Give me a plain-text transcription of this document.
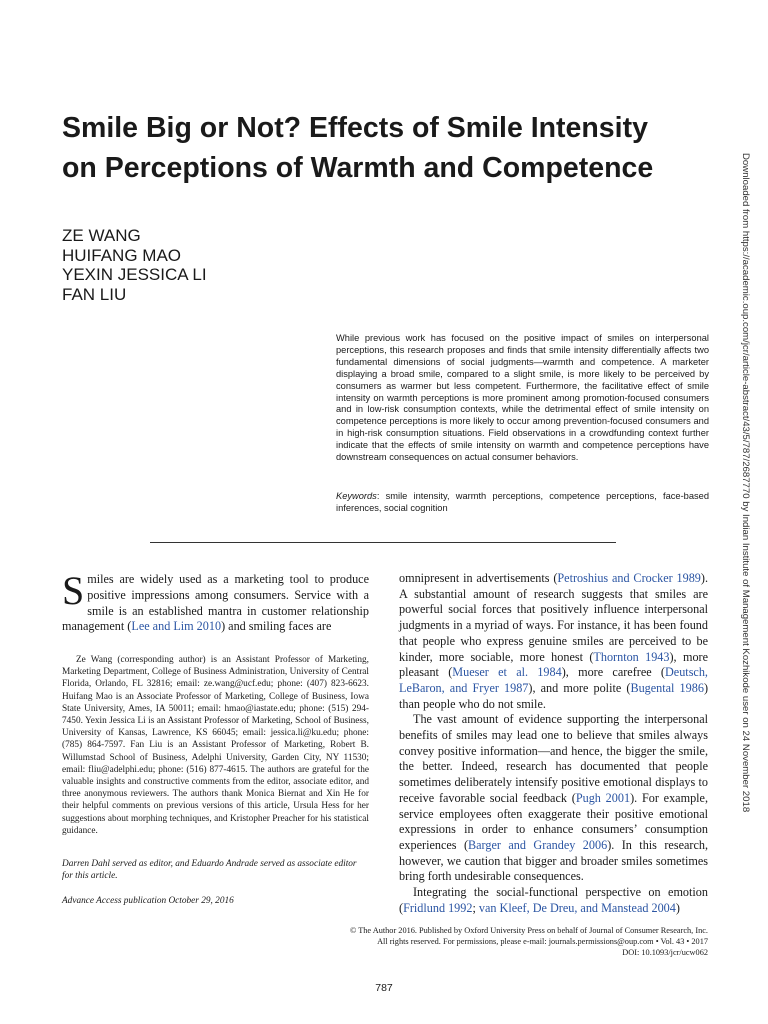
Smile Big or Not? Effects of Smile Intensity
on Perceptions of Warmth and Competence
ZE WANG
HUIFANG MAO
YEXIN JESSICA LI
FAN LIU

While previous work has focused on the positive impact of smiles on interpersonal perceptions, this research proposes and finds that smile intensity differentially affects two fundamental dimensions of social judgments—warmth and competence. A marketer displaying a broad smile, compared to a slight smile, is more likely to be perceived by consumers as warmer but less competent. Furthermore, the facilitative effect of smile intensity on warmth perceptions is more prominent among promotion-focused consumers and in low-risk consumption contexts, while the detrimental effect of smile intensity on competence perceptions is more likely to occur among prevention-focused consumers and in high-risk consumption situations. Field observations in a crowdfunding context further indicate that the effects of smile intensity on warmth and competence perceptions have downstream consequences on actual consumer behaviors.

Keywords: smile intensity, warmth perceptions, competence perceptions, face-based inferences, social cognition

Smiles are widely used as a marketing tool to produce positive impressions among consumers. Service with a smile is an established mantra in customer relationship management (Lee and Lim 2010) and smiling faces are

Ze Wang (corresponding author) is an Assistant Professor of Marketing, Marketing Department, College of Business Administration, University of Central Florida, Orlando, FL 32816; email: ze.wang@ucf.edu; phone: (407) 823-6623. Huifang Mao is an Associate Professor of Marketing, College of Business, Iowa State University, Ames, IA 50011; email: hmao@iastate.edu; phone: (515) 294-7450. Yexin Jessica Li is an Assistant Professor of Marketing, School of Business, University of Kansas, Lawrence, KS 66045; email: jessica.li@ku.edu; phone: (785) 864-7597. Fan Liu is an Assistant Professor of Marketing, Robert B. Willumstad School of Business, Adelphi University, Garden City, NY 11530; email: fliu@adelphi.edu; phone: (516) 877-4615. The authors are grateful for the valuable insights and constructive comments from the editor, associate editor, and three anonymous reviewers. The authors thank Monica Biernat and Xin He for their helpful comments on previous versions of this article, Ursula Hess for her suggestions about morphing techniques, and Kristopher Preacher for his statistical guidance.

Darren Dahl served as editor, and Eduardo Andrade served as associate editor for this article.

Advance Access publication October 29, 2016

omnipresent in advertisements (Petroshius and Crocker 1989). A substantial amount of research suggests that smiles are powerful social forces that positively influence interpersonal judgments in a myriad of ways. For instance, it has been found that people who express genuine smiles are perceived to be kinder, more sociable, more honest (Thornton 1943), more pleasant (Mueser et al. 1984), more carefree (Deutsch, LeBaron, and Fryer 1987), and more polite (Bugental 1986) than people who do not smile.

The vast amount of evidence supporting the interpersonal benefits of smiles may lead one to believe that smiles always convey positive information—and hence, the bigger the smile, the better. Indeed, research has documented that people sometimes deliberately intensify positive emotional displays to receive favorable social feedback (Pugh 2001). For example, service employees often exaggerate their positive emotional expressions in order to enhance consumers’ consumption experiences (Barger and Grandey 2006). In this research, however, we caution that bigger and broader smiles sometimes bring forth undesirable consequences.

Integrating the social-functional perspective on emotion (Fridlund 1992; van Kleef, De Dreu, and Manstead 2004)

© The Author 2016. Published by Oxford University Press on behalf of Journal of Consumer Research, Inc.
All rights reserved. For permissions, please e-mail: journals.permissions@oup.com • Vol. 43 • 2017
DOI: 10.1093/jcr/ucw062
787
Downloaded from https://academic.oup.com/jcr/article-abstract/43/5/787/2687770 by Indian Institute of Management Kozhikode user on 24 November 2018
